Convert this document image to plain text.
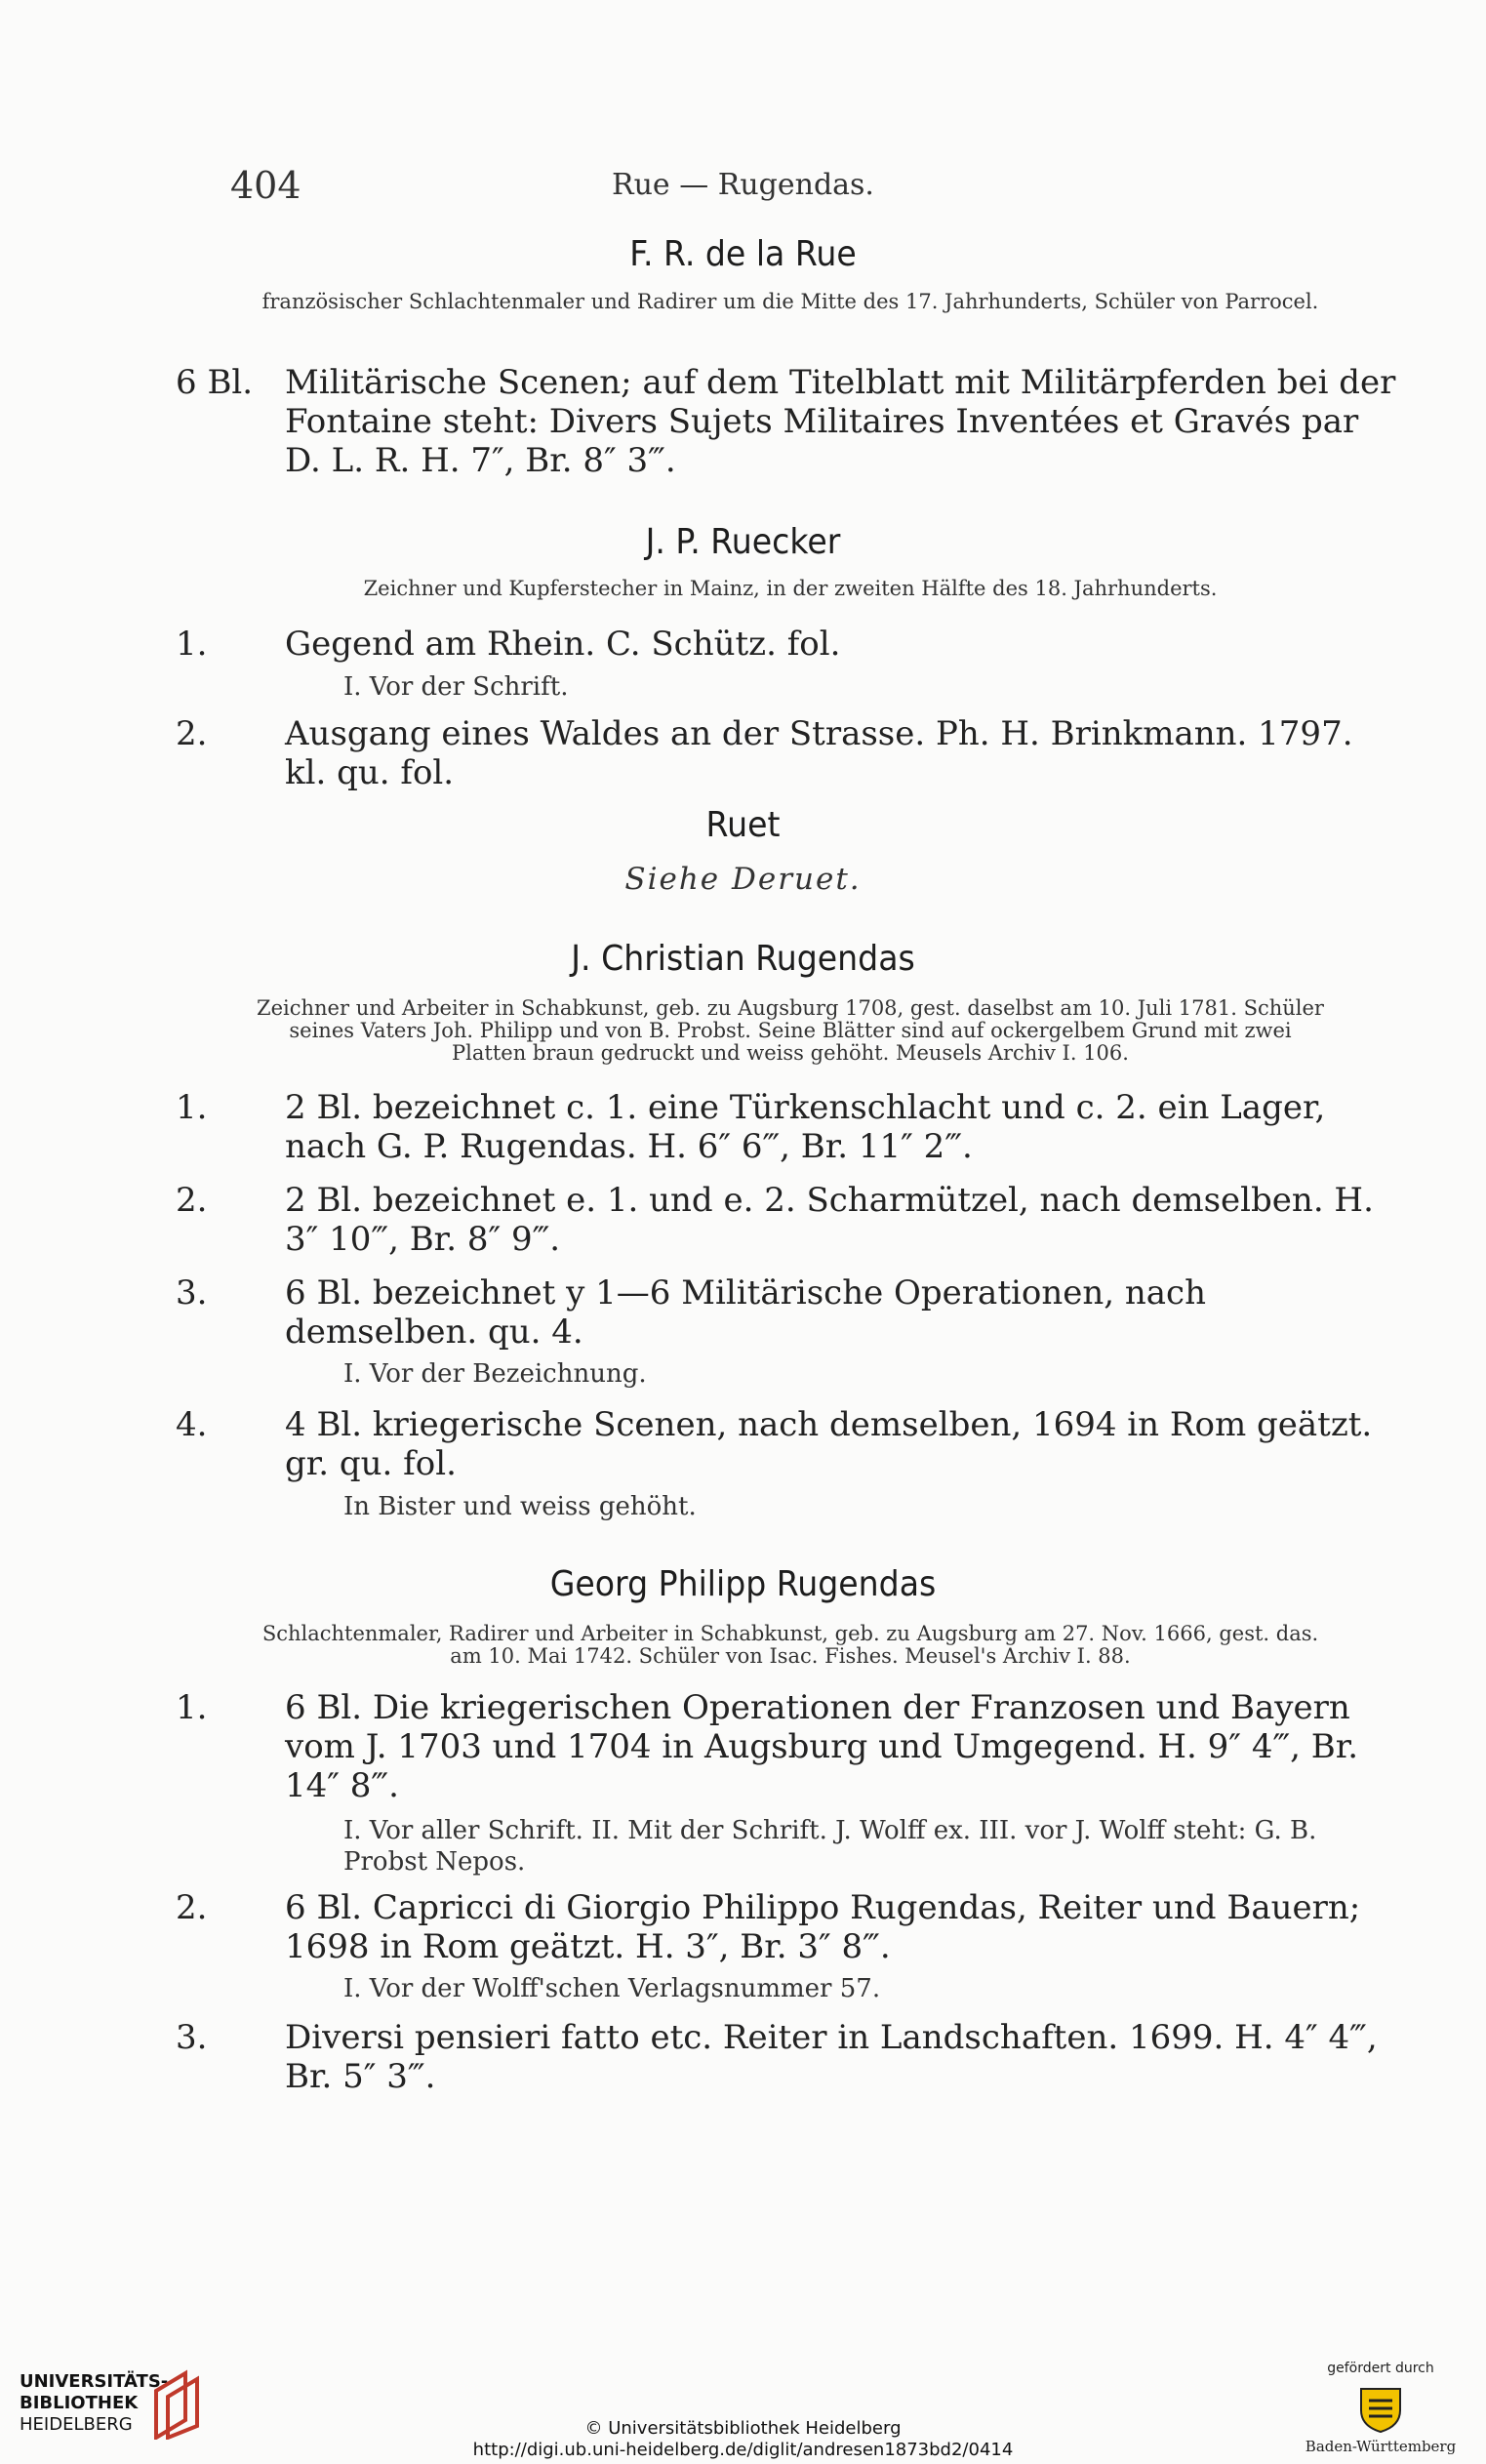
404	Rue — Rugendas.
F. R. de la Rue
französischer Schlachtenmaler und Radirer um die Mitte des 17. Jahrhunderts, Schüler von Parrocel.
6 Bl. Militärische Scenen; auf dem Titelblatt mit Militärpferden bei der Fontaine steht: Divers Sujets Militaires Inventées et Gravés par D. L. R. H. 7″, Br. 8″ 3‴.
J. P. Ruecker
Zeichner und Kupferstecher in Mainz, in der zweiten Hälfte des 18. Jahrhunderts.
1. Gegend am Rhein. C. Schütz. fol.
I. Vor der Schrift.
2. Ausgang eines Waldes an der Strasse. Ph. H. Brinkmann. 1797. kl. qu. fol.
Ruet
Siehe Deruet.
J. Christian Rugendas
Zeichner und Arbeiter in Schabkunst, geb. zu Augsburg 1708, gest. daselbst am 10. Juli 1781. Schüler seines Vaters Joh. Philipp und von B. Probst. Seine Blätter sind auf ockergelbem Grund mit zwei Platten braun gedruckt und weiss gehöht. Meusels Archiv I. 106.
1. 2 Bl. bezeichnet c. 1. eine Türkenschlacht und c. 2. ein Lager, nach G. P. Rugendas. H. 6″ 6‴, Br. 11″ 2‴.
2. 2 Bl. bezeichnet e. 1. und e. 2. Scharmützel, nach demselben. H. 3″ 10‴, Br. 8″ 9‴.
3. 6 Bl. bezeichnet y 1—6 Militärische Operationen, nach demselben. qu. 4.
I. Vor der Bezeichnung.
4. 4 Bl. kriegerische Scenen, nach demselben, 1694 in Rom geätzt. gr. qu. fol.
In Bister und weiss gehöht.
Georg Philipp Rugendas
Schlachtenmaler, Radirer und Arbeiter in Schabkunst, geb. zu Augsburg am 27. Nov. 1666, gest. das. am 10. Mai 1742. Schüler von Isac. Fishes. Meusel's Archiv I. 88.
1. 6 Bl. Die kriegerischen Operationen der Franzosen und Bayern vom J. 1703 und 1704 in Augsburg und Umgegend. H. 9″ 4‴, Br. 14″ 8‴.
I. Vor aller Schrift. II. Mit der Schrift. J. Wolff ex. III. vor J. Wolff steht: G. B. Probst Nepos.
2. 6 Bl. Capricci di Giorgio Philippo Rugendas, Reiter und Bauern; 1698 in Rom geätzt. H. 3″, Br. 3″ 8‴.
I. Vor der Wolff'schen Verlagsnummer 57.
3. Diversi pensieri fatto etc. Reiter in Landschaften. 1699. H. 4″ 4‴, Br. 5″ 3‴.
UNIVERSITÄTS-
BIBLIOTHEK
HEIDELBERG	© Universitätsbibliothek Heidelberg
http://digi.ub.uni-heidelberg.de/diglit/andresen1873bd2/0414
gefördert durch
Baden-Württemberg
